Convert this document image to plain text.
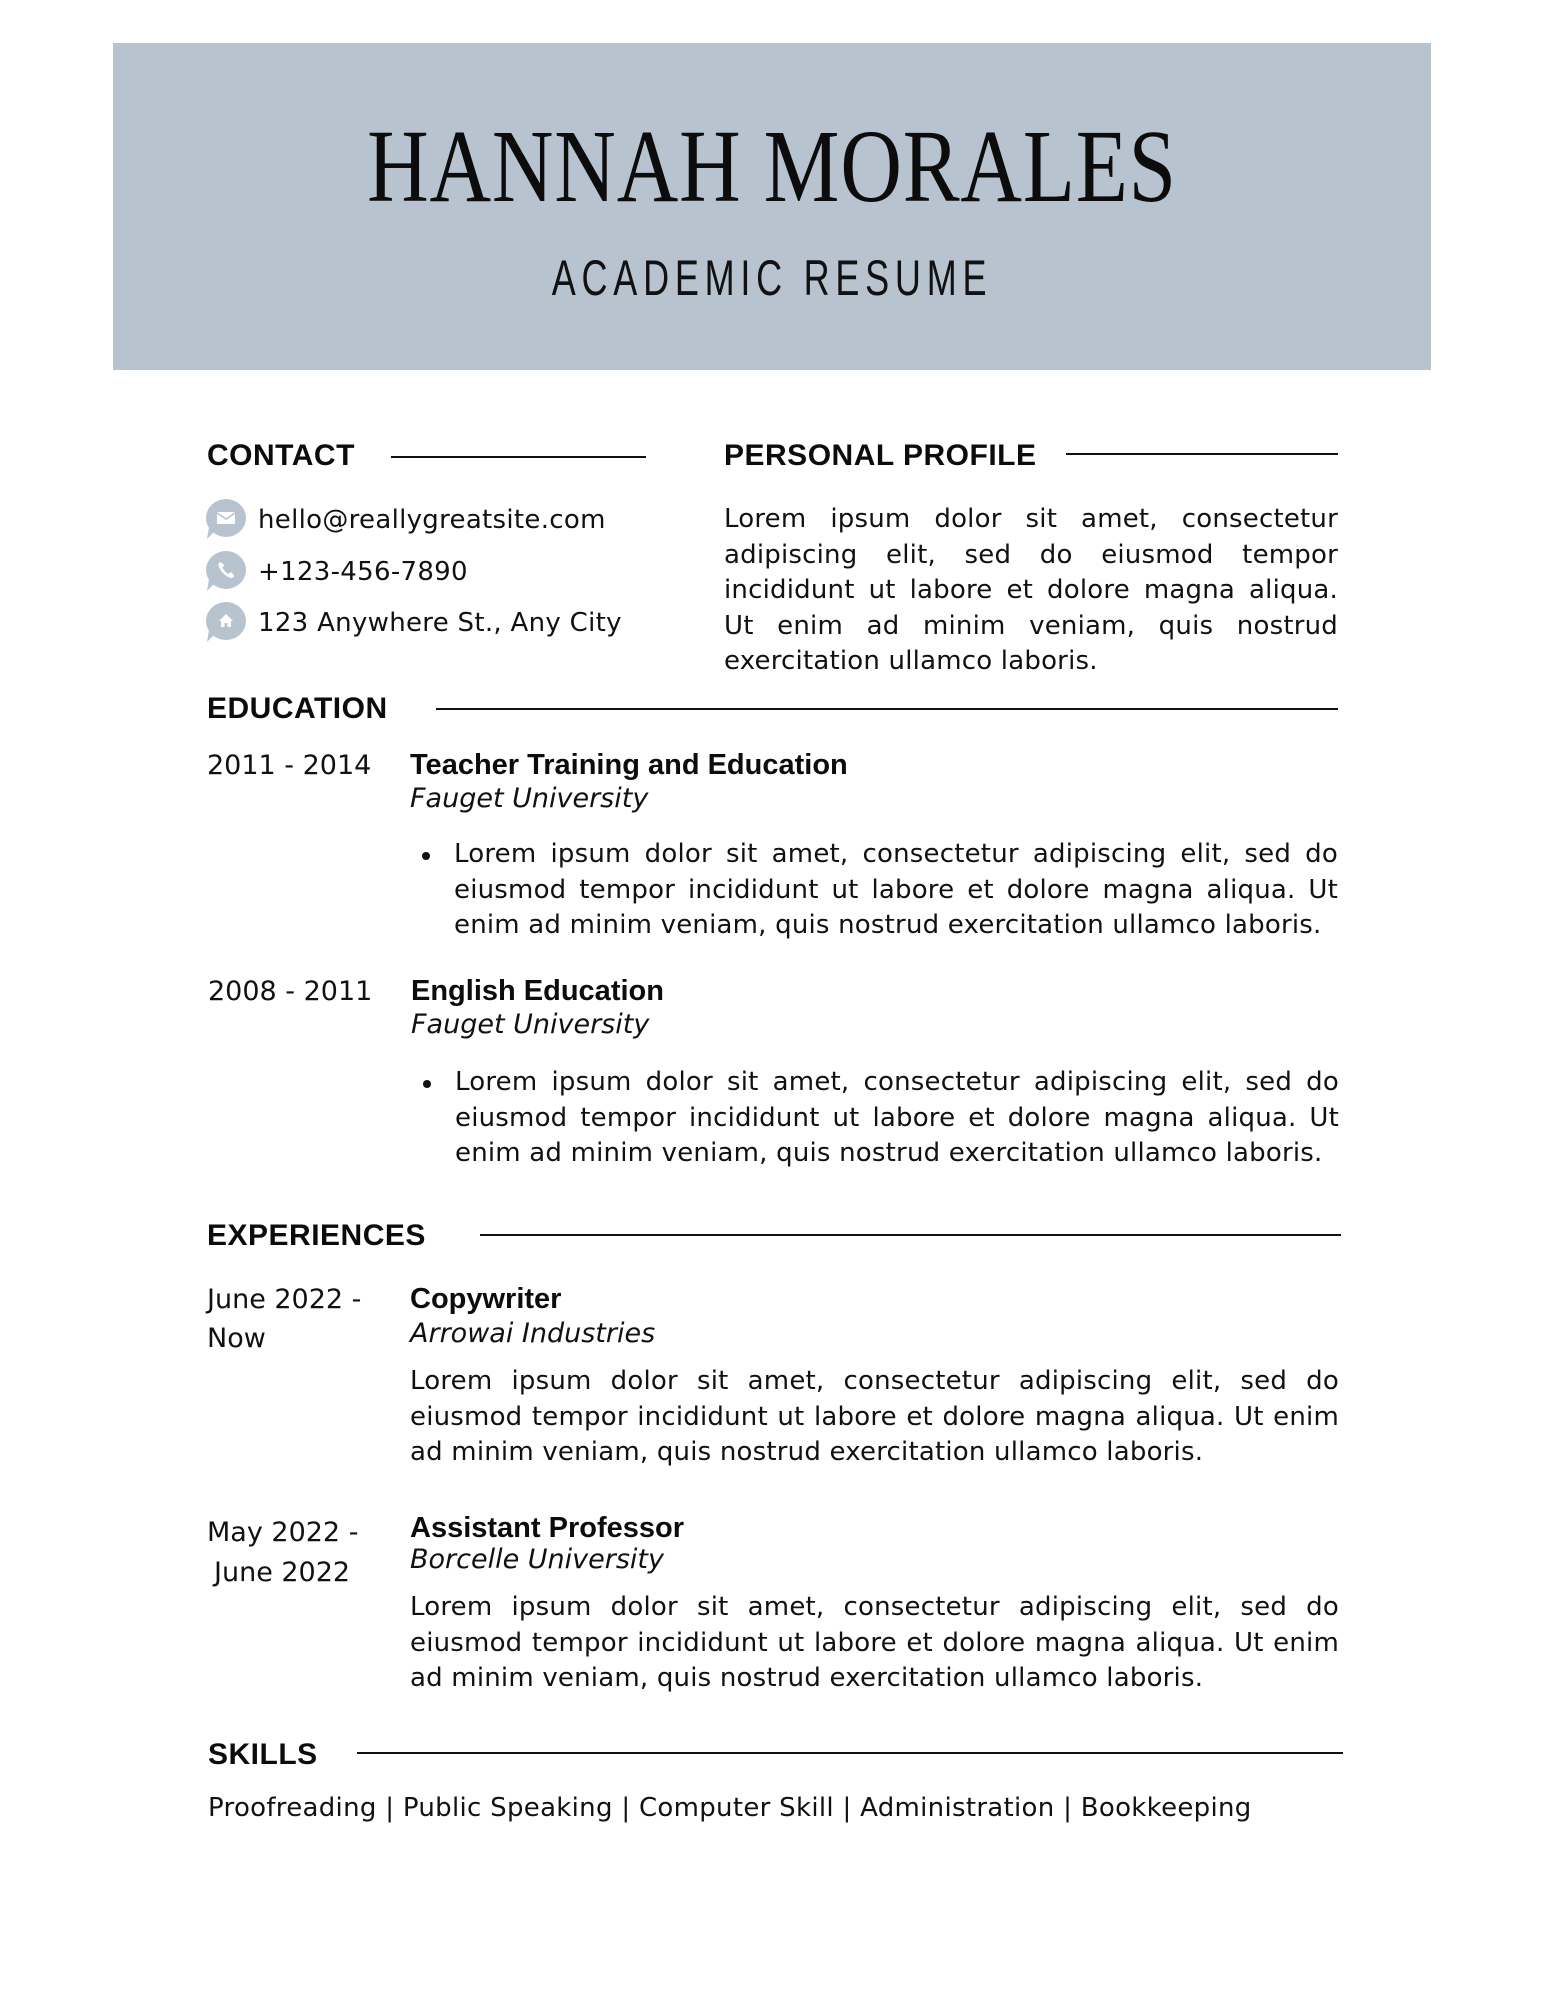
HANNAH MORALES
ACADEMIC RESUME
CONTACT
hello@reallygreatsite.com
+123-456-7890
123 Anywhere St., Any City
PERSONAL PROFILE
Lorem ipsum dolor sit amet, consectetur adipiscing elit, sed do eiusmod tempor incididunt ut labore et dolore magna aliqua. Ut enim ad minim veniam, quis nostrud exercitation ullamco laboris.
EDUCATION
2011 - 2014 Teacher Training and Education
Fauget University
Lorem ipsum dolor sit amet, consectetur adipiscing elit, sed do eiusmod tempor incididunt ut labore et dolore magna aliqua. Ut enim ad minim veniam, quis nostrud exercitation ullamco laboris.
2008 - 2011 English Education
Fauget University
Lorem ipsum dolor sit amet, consectetur adipiscing elit, sed do eiusmod tempor incididunt ut labore et dolore magna aliqua. Ut enim ad minim veniam, quis nostrud exercitation ullamco laboris.
EXPERIENCES
June 2022 -
Now
Copywriter
Arrowai Industries
Lorem ipsum dolor sit amet, consectetur adipiscing elit, sed do eiusmod tempor incididunt ut labore et dolore magna aliqua. Ut enim ad minim veniam, quis nostrud exercitation ullamco laboris.
May 2022 -
June 2022
Assistant Professor
Borcelle University
Lorem ipsum dolor sit amet, consectetur adipiscing elit, sed do eiusmod tempor incididunt ut labore et dolore magna aliqua. Ut enim ad minim veniam, quis nostrud exercitation ullamco laboris.
SKILLS
Proofreading | Public Speaking | Computer Skill | Administration | Bookkeeping
